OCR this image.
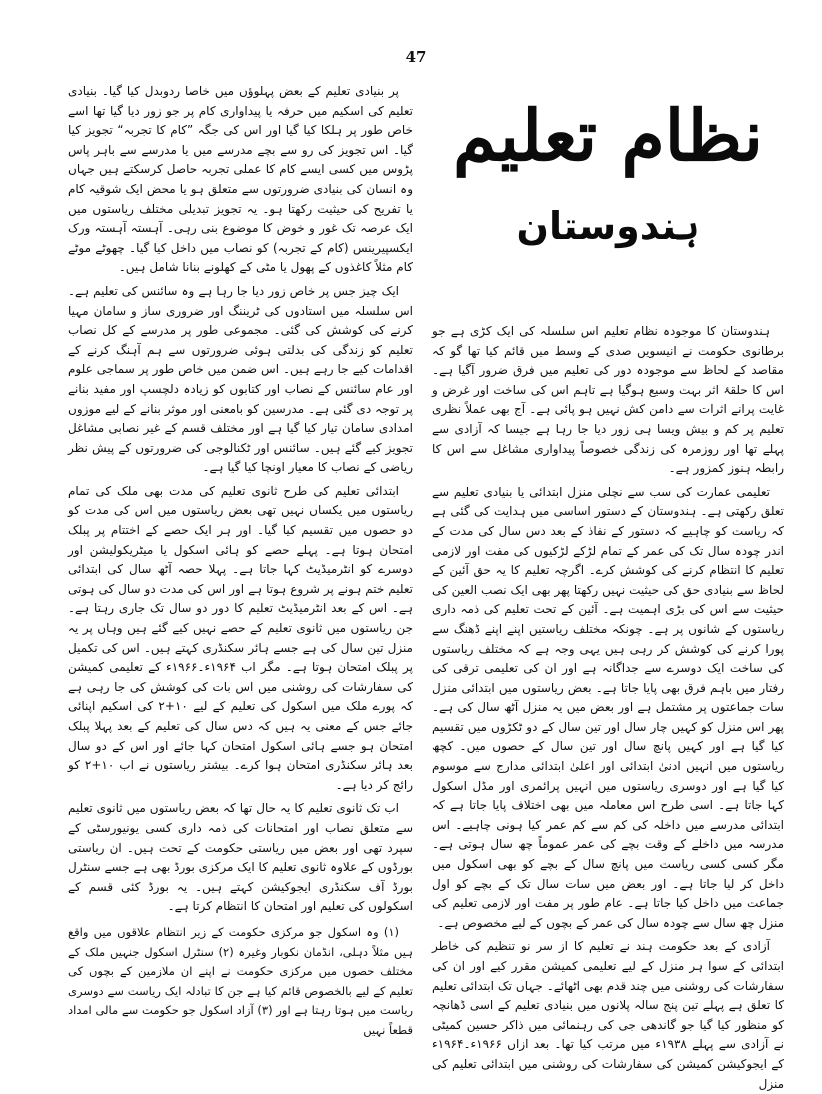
47

پر بنیادی تعلیم کے بعض پہلوؤں میں خاصا ردوبدل کیا گیا۔ بنیادی تعلیم کی اسکیم میں حرفہ یا پیداواری کام پر جو زور دیا گیا تھا اسے خاص طور پر ہلکا کیا گیا اور اس کی جگہ ”کام کا تجربہ“ تجویز کیا گیا۔ اس تجویز کی رو سے بچے مدرسے میں یا مدرسے سے باہر پاس پڑوس میں کسی ایسے کام کا عملی تجربہ حاصل کرسکتے ہیں جہاں وہ انسان کی بنیادی ضرورتوں سے متعلق ہو یا محض ایک شوقیہ کام یا تفریح کی حیثیت رکھتا ہو۔ یہ تجویز تبدیلی مختلف ریاستوں میں ایک عرصہ تک غور و خوض کا موضوع بنی رہی۔ آہستہ آہستہ ورک ایکسپیرینس (کام کے تجربہ) کو نصاب میں داخل کیا گیا۔ چھوٹے موٹے کام مثلاً کاغذوں کے پھول یا مٹی کے کھلونے بنانا شامل ہیں۔

ایک چیز جس پر خاص زور دیا جا رہا ہے وہ سائنس کی تعلیم ہے۔ اس سلسلہ میں استادوں کی ٹریننگ اور ضروری ساز و سامان مہیا کرنے کی کوشش کی گئی۔ مجموعی طور پر مدرسے کے کل نصاب تعلیم کو زندگی کی بدلتی ہوئی ضرورتوں سے ہم آہنگ کرنے کے اقدامات کیے جا رہے ہیں۔ اس ضمن میں خاص طور پر سماجی علوم اور عام سائنس کے نصاب اور کتابوں کو زیادہ دلچسپ اور مفید بنانے پر توجہ دی گئی ہے۔ مدرسین کو بامعنی اور موثر بنانے کے لیے موزوں امدادی سامان تیار کیا گیا ہے اور مختلف قسم کے غیر نصابی مشاغل تجویز کیے گئے ہیں۔ سائنس اور ٹکنالوجی کی ضرورتوں کے پیش نظر ریاضی کے نصاب کا معیار اونچا کیا گیا ہے۔

ابتدائی تعلیم کی طرح ثانوی تعلیم کی مدت بھی ملک کی تمام ریاستوں میں یکساں نہیں تھی بعض ریاستوں میں اس کی مدت کو دو حصوں میں تقسیم کیا گیا۔ اور ہر ایک حصے کے اختتام پر پبلک امتحان ہوتا ہے۔ پہلے حصے کو ہائی اسکول یا میٹریکولیشن اور دوسرے کو انٹرمیڈیٹ کہا جاتا ہے۔ پہلا حصہ آٹھ سال کی ابتدائی تعلیم ختم ہونے پر شروع ہوتا ہے اور اس کی مدت دو سال کی ہوتی ہے۔ اس کے بعد انٹرمیڈیٹ تعلیم کا دور دو سال تک جاری رہتا ہے۔ جن ریاستوں میں ثانوی تعلیم کے حصے نہیں کیے گئے ہیں وہاں پر یہ منزل تین سال کی ہے جسے ہائر سکنڈری کہتے ہیں۔ اس کی تکمیل پر پبلک امتحان ہوتا ہے۔ مگر اب ۱۹۶۴ء۔۱۹۶۶ء کے تعلیمی کمیشن کی سفارشات کی روشنی میں اس بات کی کوشش کی جا رہی ہے کہ پورے ملک میں اسکول کی تعلیم کے لیے ۱۰+۲ کی اسکیم اپنائی جائے جس کے معنی یہ ہیں کہ دس سال کی تعلیم کے بعد پہلا پبلک امتحان ہو جسے ہائی اسکول امتحان کہا جائے اور اس کے دو سال بعد ہائر سکنڈری امتحان ہوا کرے۔ بیشتر ریاستوں نے اب ۱۰+۲ کو رائج کر دیا ہے۔

اب تک ثانوی تعلیم کا یہ حال تھا کہ بعض ریاستوں میں ثانوی تعلیم سے متعلق نصاب اور امتحانات کی ذمہ داری کسی یونیورسٹی کے سپرد تھی اور بعض میں ریاستی حکومت کے تحت ہیں۔ ان ریاستی بورڈوں کے علاوہ ثانوی تعلیم کا ایک مرکزی بورڈ بھی ہے جسے سنٹرل بورڈ آف سکنڈری ایجوکیشن کہتے ہیں۔ یہ بورڈ کئی قسم کے اسکولوں کی تعلیم اور امتحان کا انتظام کرتا ہے۔

(۱) وہ اسکول جو مرکزی حکومت کے زیر انتظام علاقوں میں واقع ہیں مثلاً دہلی، انڈمان نکوبار وغیرہ (۲) سنٹرل اسکول جنہیں ملک کے مختلف حصوں میں مرکزی حکومت نے اپنے ان ملازمین کے بچوں کی تعلیم کے لیے بالخصوص قائم کیا ہے جن کا تبادلہ ایک ریاست سے دوسری ریاست میں ہوتا رہتا ہے اور (۳) آزاد اسکول جو حکومت سے مالی امداد قطعاً نہیں

نظام تعلیم
ہندوستان

ہندوستان کا موجودہ نظام تعلیم اس سلسلہ کی ایک کڑی ہے جو برطانوی حکومت نے انیسویں صدی کے وسط میں قائم کیا تھا گو کہ مقاصد کے لحاظ سے موجودہ دور کی تعلیم میں فرق ضرور آگیا ہے۔ اس کا حلقۂ اثر بہت وسیع ہوگیا ہے تاہم اس کی ساخت اور غرض و غایت پرانے اثرات سے دامن کش نہیں ہو پائی ہے۔ آج بھی عملاً نظری تعلیم پر کم و بیش ویسا ہی زور دیا جا رہا ہے جیسا کہ آزادی سے پہلے تھا اور روزمرہ کی زندگی خصوصاً پیداواری مشاغل سے اس کا رابطہ ہنوز کمزور ہے۔

تعلیمی عمارت کی سب سے نچلی منزل ابتدائی یا بنیادی تعلیم سے تعلق رکھتی ہے۔ ہندوستان کے دستور اساسی میں ہدایت کی گئی ہے کہ ریاست کو چاہیے کہ دستور کے نفاذ کے بعد دس سال کی مدت کے اندر چودہ سال تک کی عمر کے تمام لڑکے لڑکیوں کی مفت اور لازمی تعلیم کا انتظام کرنے کی کوشش کرے۔ اگرچہ تعلیم کا یہ حق آئین کے لحاظ سے بنیادی حق کی حیثیت نہیں رکھتا پھر بھی ایک نصب العین کی حیثیت سے اس کی بڑی اہمیت ہے۔ آئین کے تحت تعلیم کی ذمہ داری ریاستوں کے شانوں پر ہے۔ چونکہ مختلف ریاستیں اپنے اپنے ڈھنگ سے پورا کرنے کی کوشش کر رہی ہیں یہی وجہ ہے کہ مختلف ریاستوں کی ساخت ایک دوسرے سے جداگانہ ہے اور ان کی تعلیمی ترقی کی رفتار میں باہم فرق بھی پایا جاتا ہے۔ بعض ریاستوں میں ابتدائی منزل سات جماعتوں پر مشتمل ہے اور بعض میں یہ منزل آٹھ سال کی ہے۔ پھر اس منزل کو کہیں چار سال اور تین سال کے دو ٹکڑوں میں تقسیم کیا گیا ہے اور کہیں پانچ سال اور تین سال کے حصوں میں۔ کچھ ریاستوں میں انہیں ادنیٰ ابتدائی اور اعلیٰ ابتدائی مدارج سے موسوم کیا گیا ہے اور دوسری ریاستوں میں انہیں پرائمری اور مڈل اسکول کہا جاتا ہے۔ اسی طرح اس معاملہ میں بھی اختلاف پایا جاتا ہے کہ ابتدائی مدرسے میں داخلہ کی کم سے کم عمر کیا ہونی چاہیے۔ اس مدرسہ میں داخلے کے وقت بچے کی عمر عموماً چھ سال ہوتی ہے۔ مگر کسی کسی ریاست میں پانچ سال کے بچے کو بھی اسکول میں داخل کر لیا جاتا ہے۔ اور بعض میں سات سال تک کے بچے کو اول جماعت میں داخل کیا جاتا ہے۔ عام طور پر مفت اور لازمی تعلیم کی منزل چھ سال سے چودہ سال کی عمر کے بچوں کے لیے مخصوص ہے۔

آزادی کے بعد حکومت ہند نے تعلیم کا از سر نو تنظیم کی خاطر ابتدائی کے سوا ہر منزل کے لیے تعلیمی کمیشن مقرر کیے اور ان کی سفارشات کی روشنی میں چند قدم بھی اٹھائے۔ جہاں تک ابتدائی تعلیم کا تعلق ہے پہلے تین پنج سالہ پلانوں میں بنیادی تعلیم کے اسی ڈھانچہ کو منظور کیا گیا جو گاندھی جی کی رہنمائی میں ذاکر حسین کمیٹی نے آزادی سے پہلے ۱۹۳۸ء میں مرتب کیا تھا۔ بعد ازاں ۱۹۶۶ء۔۱۹۶۴ء کے ایجوکیشن کمیشن کی سفارشات کی روشنی میں ابتدائی تعلیم کی منزل
